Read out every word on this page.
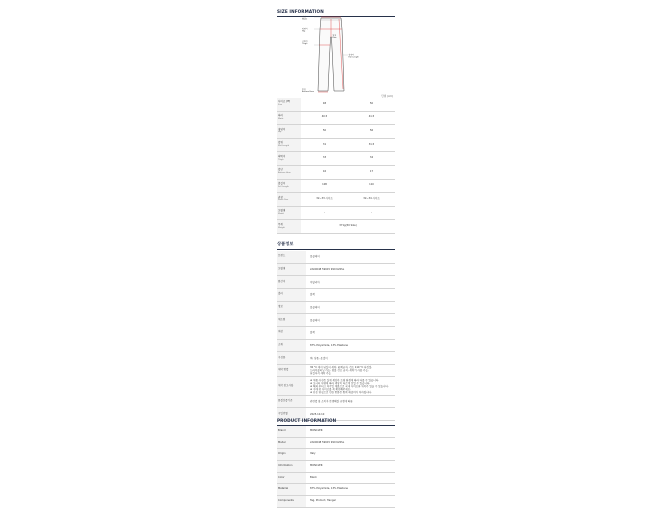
SIZE INFORMATION
허리 Waist
엉덩이 Hip
허벅지 Thigh
총길이 Full Length
밑위 Rise
밑단 Bottom Hem
단위 (cm)
사이즈 (IT)
Size	48	50

허리
Waist	40.5	41.5

엉덩이
Hip	50	56

밑위
Mid Length	31	31.5

허벅지
Thigh	33	34

밑단
Bottom Hem	16	17

총길이
Full Length	108	110

권장
Pants Size	32~33 사이즈	32~34 사이즈

모델명
Model	-	-

무게
Weight	371g(50 Size)	
상품정보
브랜드	몽클레어

모델명	2A00048 59615 999 K20SL

원산지	이탈리아

컬러	블랙

정보	몽클레어

제조원	몽클레어

색상	블랙

소재	87% Polyamide, 13% Elastane

구성품	택, 상품, 옷걸이

세탁 방법	30 °C 에서 뒤집어 세탁, 표백금지, 건조 110 °C 다림질,
드라이클리닝 가능, 텀블 건조 금지, 세탁기 사용 가능,
뒤집어서 세탁 가능

제작 참고사항	★ 제품 사진은 실제 색상과 조명 환경에 따라 다를 수 있습니다.
★ 모니터 사양에 따라 색상이 다르게 보일 수 있습니다.
★ 해외 부티크 직수입 제품으로 국내 사이즈와 차이가 있을 수 있습니다.
★ 구매 전 사이즈를 꼭 확인해주세요.
★ 단순 변심으로 인한 반품은 왕복 배송비가 부과됩니다.

품질보증기준	관련법 및 소비자 분쟁해결 규정에 따름

구입연월	2025.10.10
PRODUCT INFORMATION
Brand	MONCLER
Model	2A00048 59615 999 K20SL
Origin	Italy
Information	MONCLER
Color	Black
Material	87% Polyamide, 13% Elastane
Components	Tag, Product, Hanger
